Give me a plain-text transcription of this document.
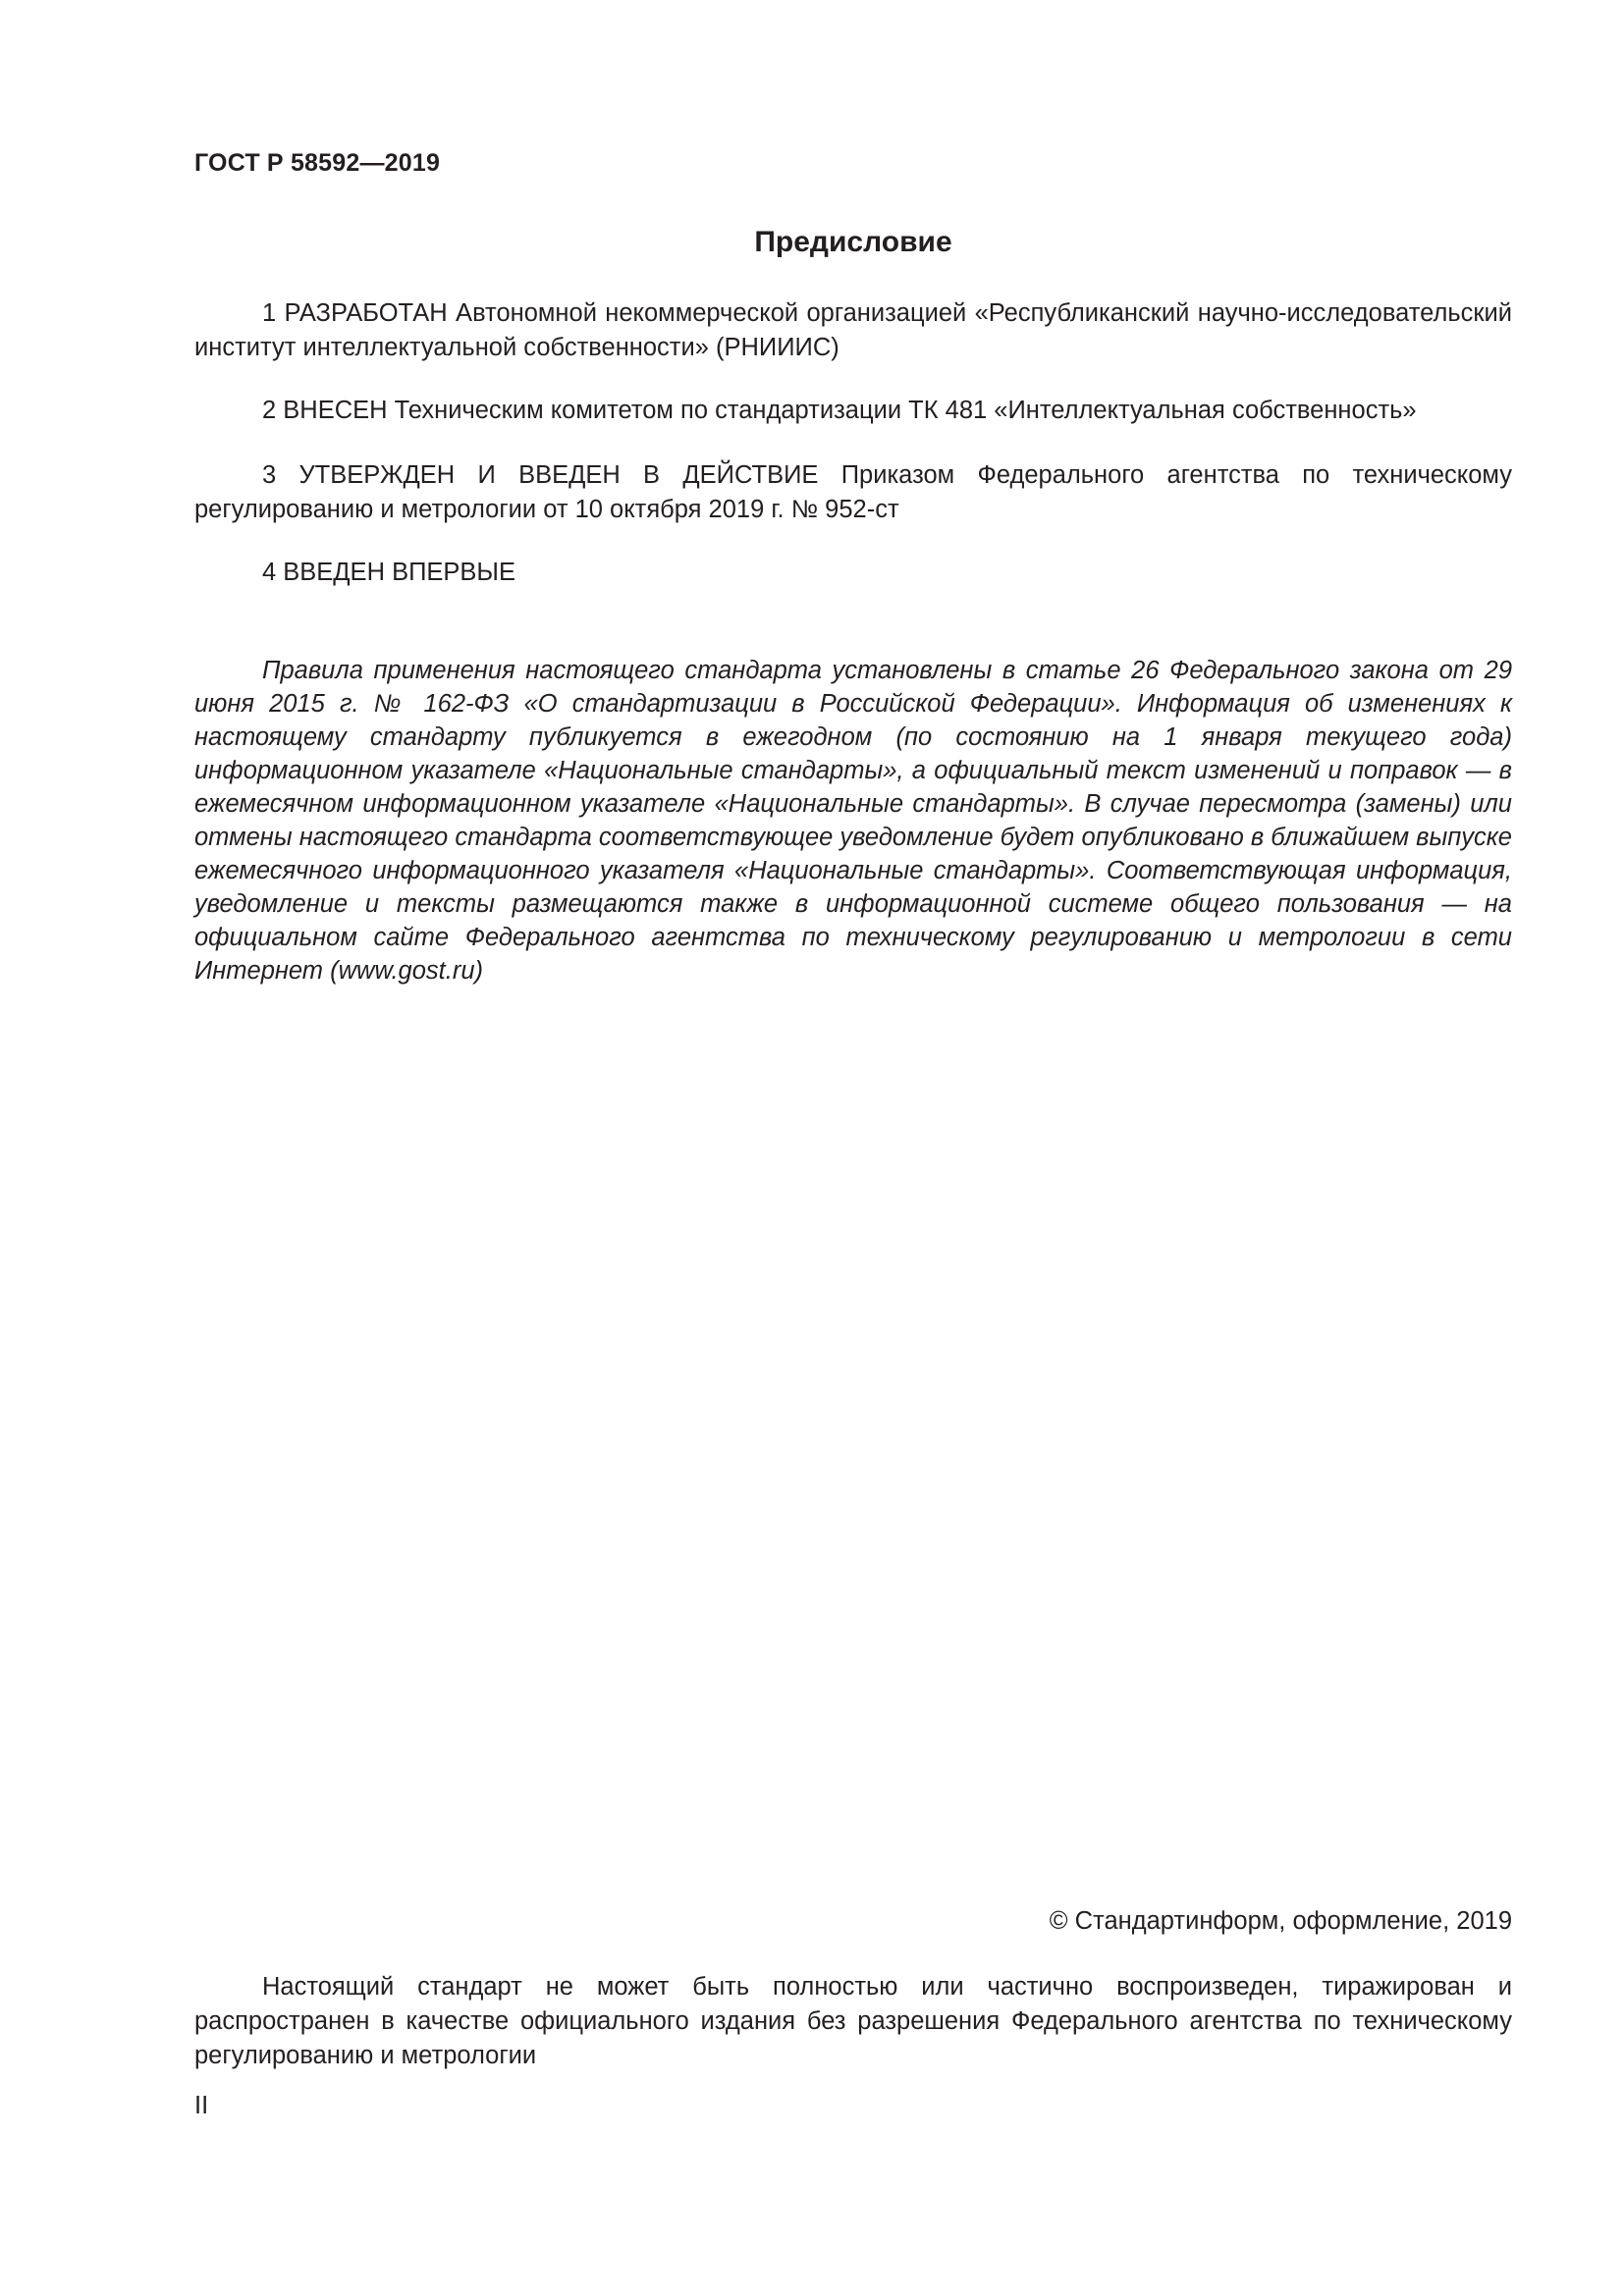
ГОСТ Р 58592—2019
Предисловие

1 РАЗРАБОТАН Автономной некоммерческой организацией «Республиканский научно-исследовательский институт интеллектуальной собственности» (РНИИИС)

2 ВНЕСЕН Техническим комитетом по стандартизации ТК 481 «Интеллектуальная собственность»

3 УТВЕРЖДЕН И ВВЕДЕН В ДЕЙСТВИЕ Приказом Федерального агентства по техническому регулированию и метрологии от 10 октября 2019 г. № 952-ст

4 ВВЕДЕН ВПЕРВЫЕ

Правила применения настоящего стандарта установлены в статье 26 Федерального закона от 29 июня 2015 г. № 162-ФЗ «О стандартизации в Российской Федерации». Информация об изменениях к настоящему стандарту публикуется в ежегодном (по состоянию на 1 января текущего года) информационном указателе «Национальные стандарты», а официальный текст изменений и поправок — в ежемесячном информационном указателе «Национальные стандарты». В случае пересмотра (замены) или отмены настоящего стандарта соответствующее уведомление будет опубликовано в ближайшем выпуске ежемесячного информационного указателя «Национальные стандарты». Соответствующая информация, уведомление и тексты размещаются также в информационной системе общего пользования — на официальном сайте Федерального агентства по техническому регулированию и метрологии в сети Интернет (www.gost.ru)

© Стандартинформ, оформление, 2019

Настоящий стандарт не может быть полностью или частично воспроизведен, тиражирован и распространен в качестве официального издания без разрешения Федерального агентства по техническому регулированию и метрологии

II
